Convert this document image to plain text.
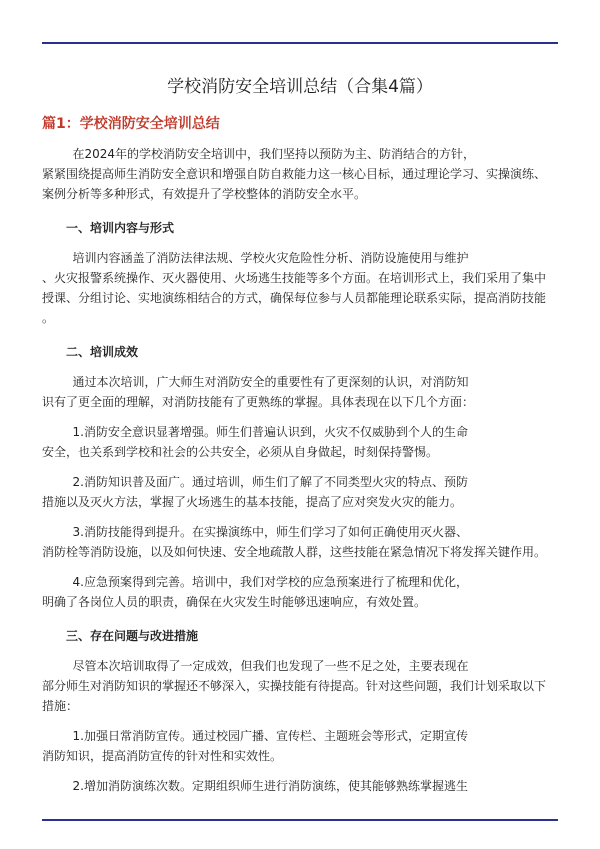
学校消防安全培训总结（合集4篇）
篇1：学校消防安全培训总结

在2024年的学校消防安全培训中，我们坚持以预防为主、防消结合的方针，
紧紧围绕提高师生消防安全意识和增强自防自救能力这一核心目标，通过理论学习、实操演练、
案例分析等多种形式，有效提升了学校整体的消防安全水平。

一、培训内容与形式

培训内容涵盖了消防法律法规、学校火灾危险性分析、消防设施使用与维护
、火灾报警系统操作、灭火器使用、火场逃生技能等多个方面。在培训形式上，我们采用了集中
授课、分组讨论、实地演练相结合的方式，确保每位参与人员都能理论联系实际，提高消防技能
。

二、培训成效

通过本次培训，广大师生对消防安全的重要性有了更深刻的认识，对消防知
识有了更全面的理解，对消防技能有了更熟练的掌握。具体表现在以下几个方面：

1.消防安全意识显著增强。师生们普遍认识到，火灾不仅威胁到个人的生命
安全，也关系到学校和社会的公共安全，必须从自身做起，时刻保持警惕。

2.消防知识普及面广。通过培训，师生们了解了不同类型火灾的特点、预防
措施以及灭火方法，掌握了火场逃生的基本技能，提高了应对突发火灾的能力。

3.消防技能得到提升。在实操演练中，师生们学习了如何正确使用灭火器、
消防栓等消防设施，以及如何快速、安全地疏散人群，这些技能在紧急情况下将发挥关键作用。

4.应急预案得到完善。培训中，我们对学校的应急预案进行了梳理和优化，
明确了各岗位人员的职责，确保在火灾发生时能够迅速响应，有效处置。

三、存在问题与改进措施

尽管本次培训取得了一定成效，但我们也发现了一些不足之处，主要表现在
部分师生对消防知识的掌握还不够深入，实操技能有待提高。针对这些问题，我们计划采取以下
措施：

1.加强日常消防宣传。通过校园广播、宣传栏、主题班会等形式，定期宣传
消防知识，提高消防宣传的针对性和实效性。

2.增加消防演练次数。定期组织师生进行消防演练，使其能够熟练掌握逃生
